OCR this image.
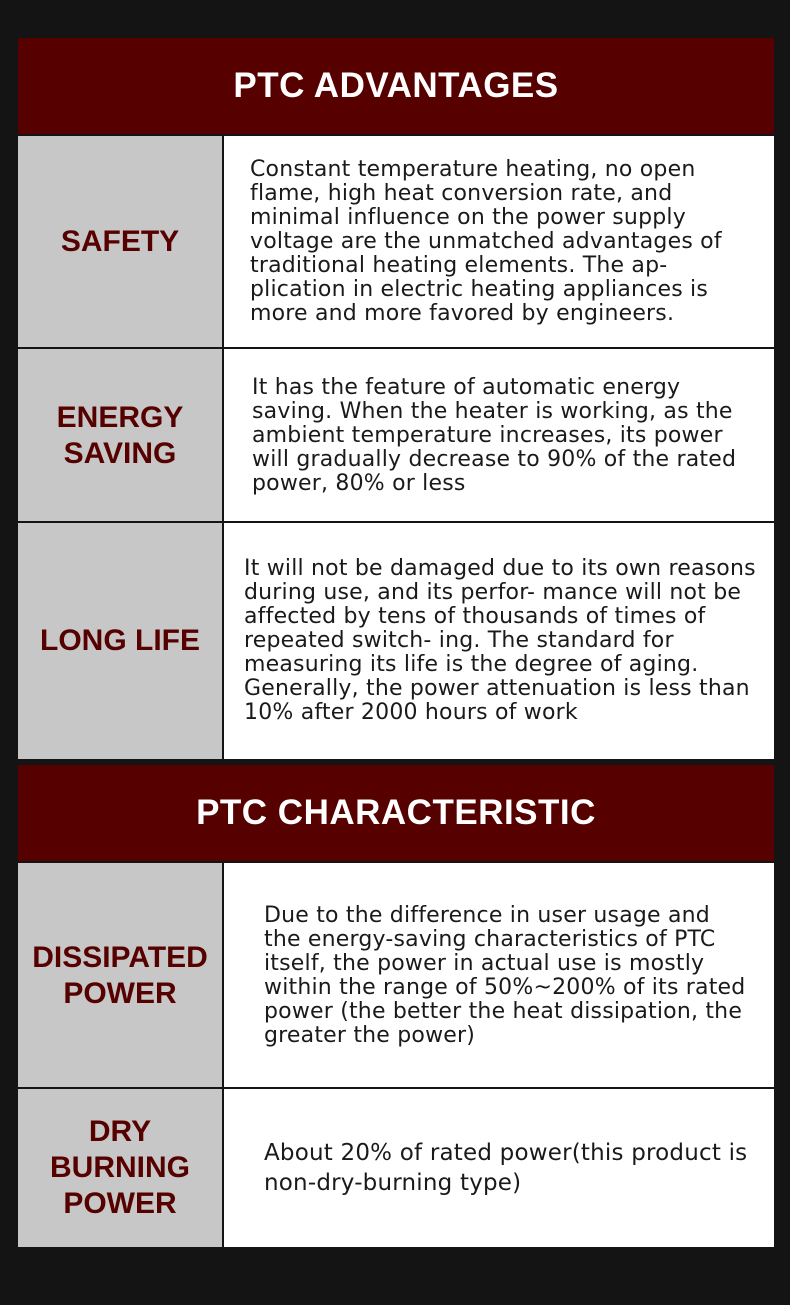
PTC ADVANTAGES
SAFETY
Constant temperature heating, no open flame, high heat conversion rate, and minimal influence on the power supply voltage are the unmatched advantages of traditional heating elements. The ap- plication in electric heating appliances is more and more favored by engineers.
ENERGY SAVING
It has the feature of automatic energy saving. When the heater is working, as the ambient temperature increases, its power will gradually decrease to 90% of the rated power, 80% or less
LONG LIFE
It will not be damaged due to its own reasons during use, and its perfor- mance will not be affected by tens of thousands of times of repeated switch- ing. The standard for measuring its life is the degree of aging. Generally, the power attenuation is less than 10% after 2000 hours of work
PTC CHARACTERISTIC
DISSIPATED POWER
Due to the difference in user usage and the energy-saving characteristics of PTC itself, the power in actual use is mostly within the range of 50%~200% of its rated power (the better the heat dissipation, the greater the power)
DRY BURNING POWER
About 20% of rated power(this product is non-dry-burning type)
